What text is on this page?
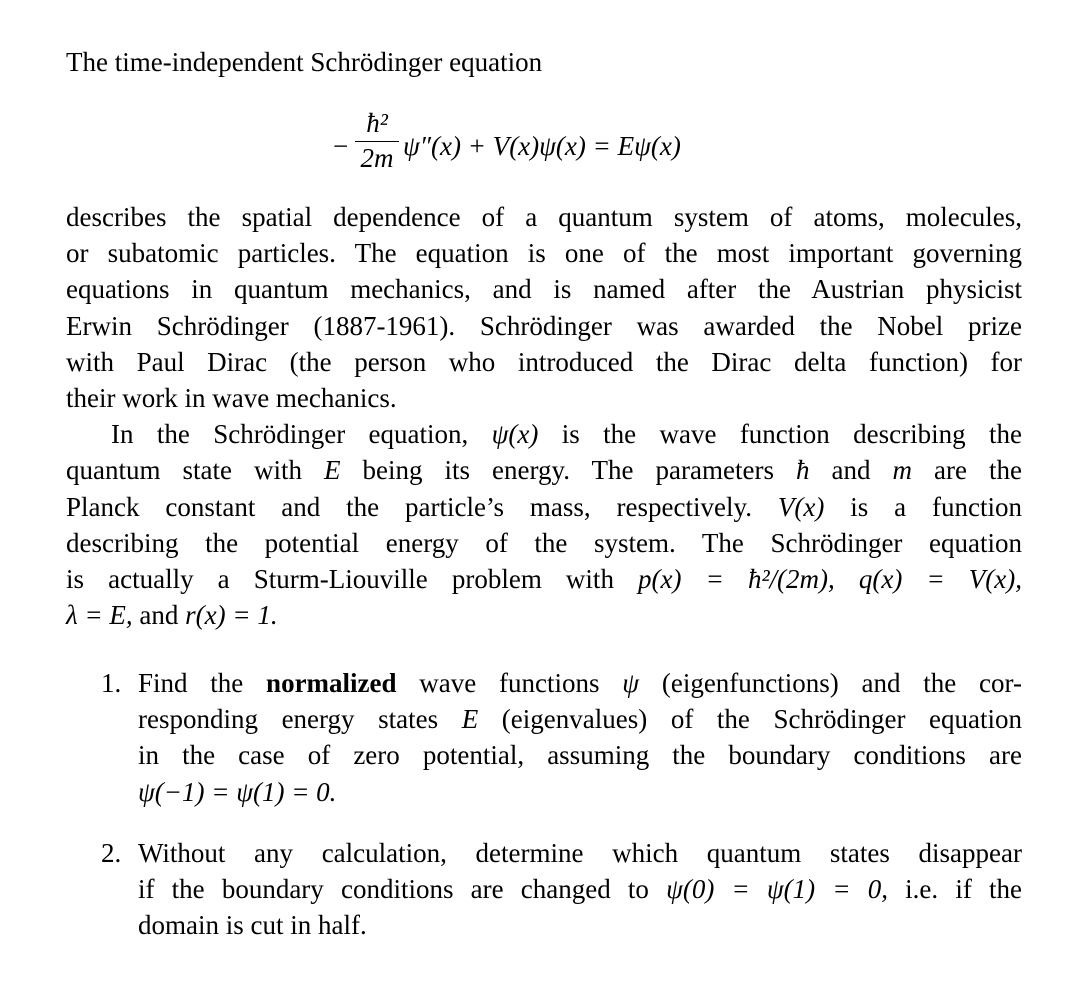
The time-independent Schrödinger equation
−
ħ²
2m ψ″(x) + V(x)ψ(x) = Eψ(x)
describes the spatial dependence of a quantum system of atoms, molecules,
or subatomic particles. The equation is one of the most important governing
equations in quantum mechanics, and is named after the Austrian physicist
Erwin Schrödinger (1887-1961). Schrödinger was awarded the Nobel prize
with Paul Dirac (the person who introduced the Dirac delta function) for
their work in wave mechanics.
In the Schrödinger equation, ψ(x) is the wave function describing the
quantum state with E being its energy. The parameters ħ and m are the
Planck constant and the particle’s mass, respectively. V(x) is a function
describing the potential energy of the system. The Schrödinger equation
is actually a Sturm-Liouville problem with p(x) = ħ²/(2m), q(x) = V(x),
λ = E, and r(x) = 1.
1. Find the normalized wave functions ψ (eigenfunctions) and the cor-
responding energy states E (eigenvalues) of the Schrödinger equation
in the case of zero potential, assuming the boundary conditions are
ψ(−1) = ψ(1) = 0.
2. Without any calculation, determine which quantum states disappear
if the boundary conditions are changed to ψ(0) = ψ(1) = 0, i.e. if the
domain is cut in half.
